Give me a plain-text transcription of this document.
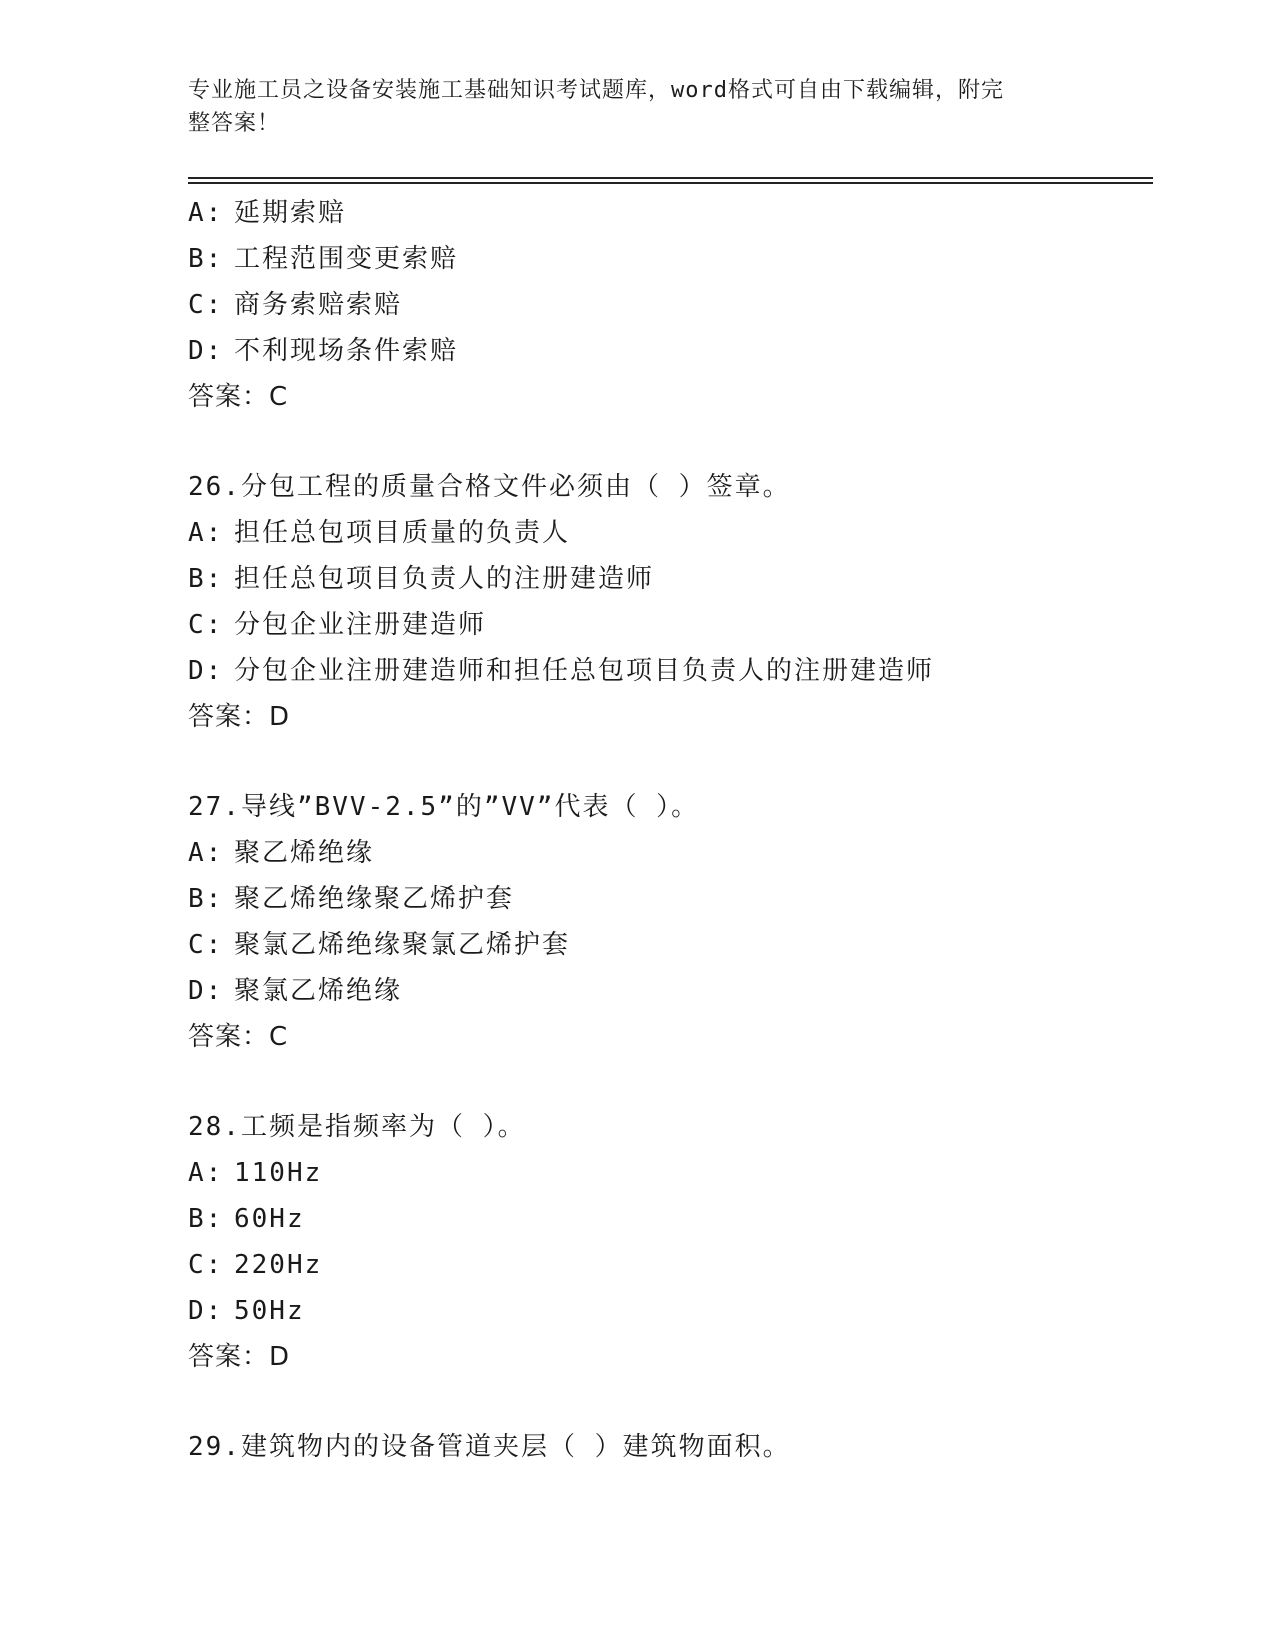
专业施工员之设备安装施工基础知识考试题库，word格式可自由下载编辑，附完
整答案！
A: 延期索赔
B: 工程范围变更索赔
C: 商务索赔索赔
D: 不利现场条件索赔
答案：C
26.分包工程的质量合格文件必须由（ ）签章。
A: 担任总包项目质量的负责人
B: 担任总包项目负责人的注册建造师
C: 分包企业注册建造师
D: 分包企业注册建造师和担任总包项目负责人的注册建造师
答案：D
27.导线”BVV-2.5”的”VV”代表（ ）。
A: 聚乙烯绝缘
B: 聚乙烯绝缘聚乙烯护套
C: 聚氯乙烯绝缘聚氯乙烯护套
D: 聚氯乙烯绝缘
答案：C
28.工频是指频率为（ ）。
A: 110Hz
B: 60Hz
C: 220Hz
D: 50Hz
答案：D
29.建筑物内的设备管道夹层（ ）建筑物面积。
